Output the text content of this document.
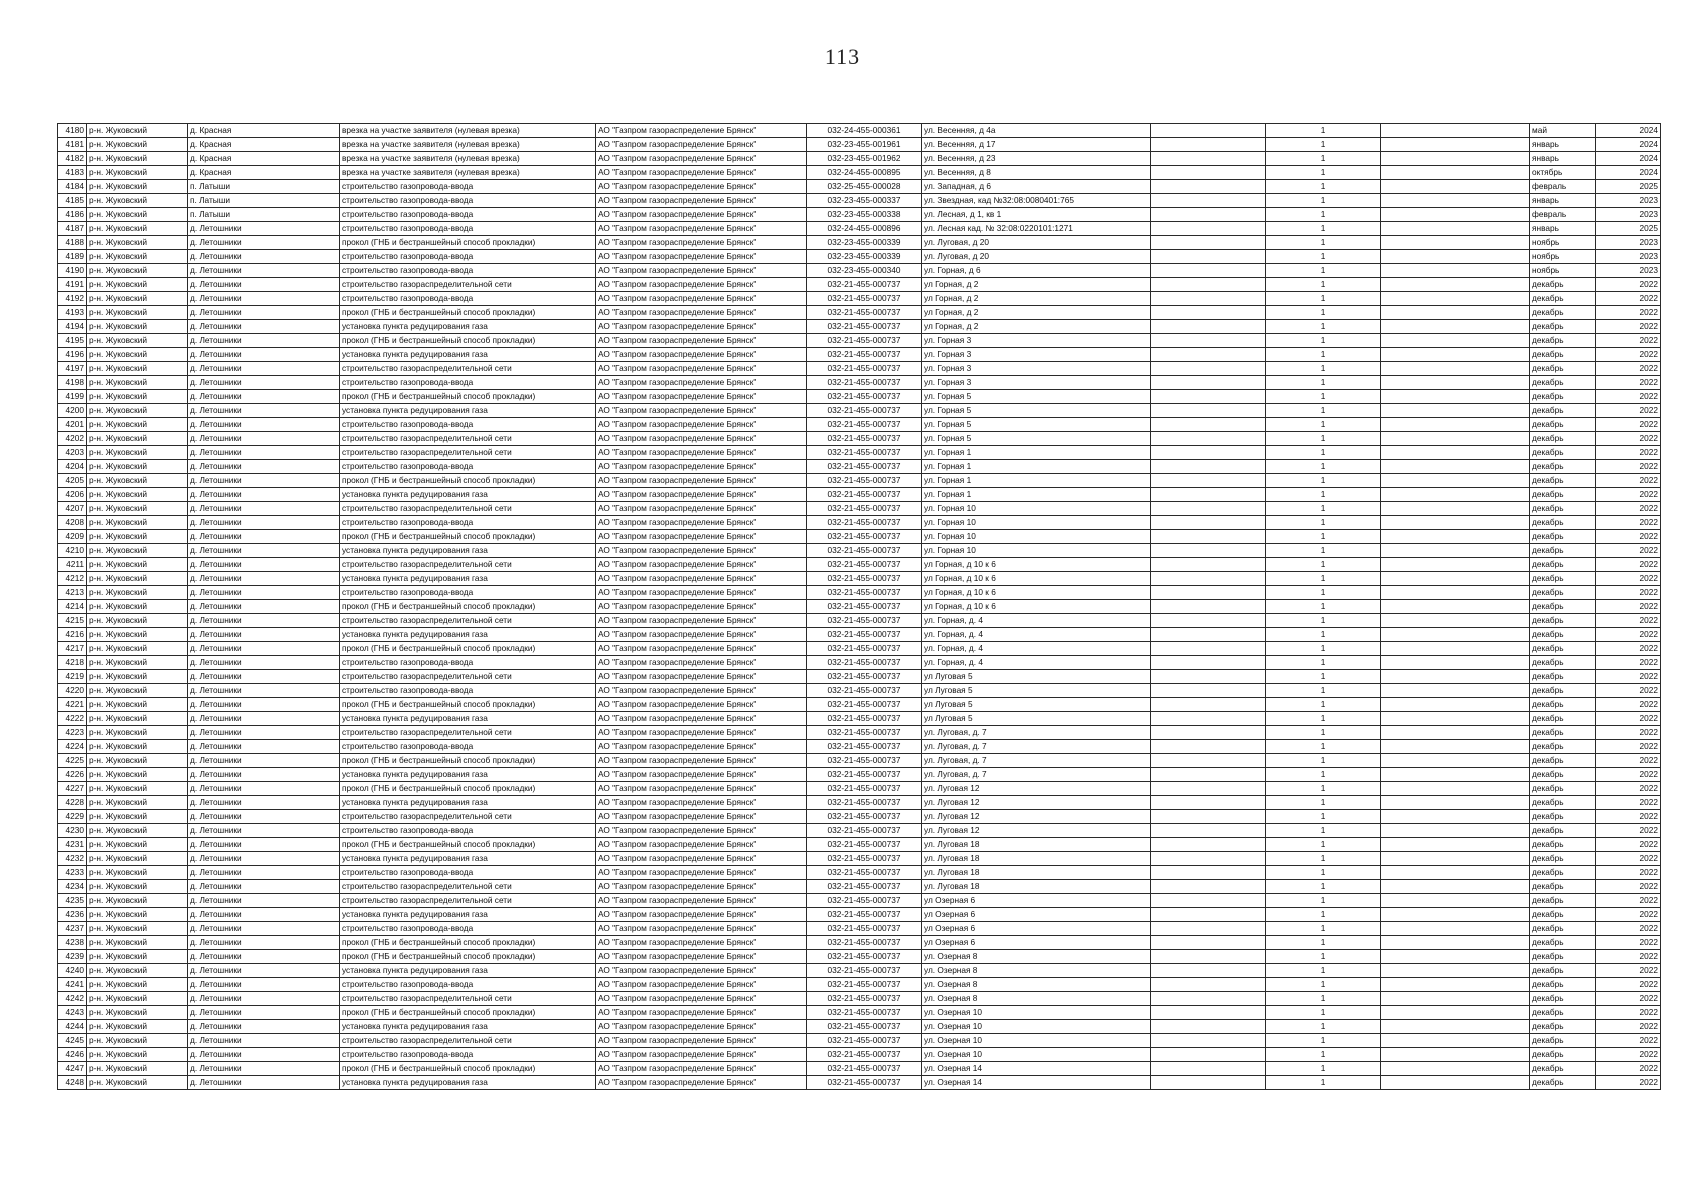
113
4180	р-н. Жуковский	д. Красная	врезка на участке заявителя (нулевая врезка)	АО "Газпром газораспределение Брянск"	032-24-455-000361	ул. Весенняя, д 4а		1		май	2024
4181	р-н. Жуковский	д. Красная	врезка на участке заявителя (нулевая врезка)	АО "Газпром газораспределение Брянск"	032-23-455-001961	ул. Весенняя, д 17		1		январь	2024
4182	р-н. Жуковский	д. Красная	врезка на участке заявителя (нулевая врезка)	АО "Газпром газораспределение Брянск"	032-23-455-001962	ул. Весенняя, д 23		1		январь	2024
4183	р-н. Жуковский	д. Красная	врезка на участке заявителя (нулевая врезка)	АО "Газпром газораспределение Брянск"	032-24-455-000895	ул. Весенняя, д 8		1		октябрь	2024
4184	р-н. Жуковский	п. Латыши	строительство газопровода-ввода	АО "Газпром газораспределение Брянск"	032-25-455-000028	ул. Западная, д 6		1		февраль	2025
4185	р-н. Жуковский	п. Латыши	строительство газопровода-ввода	АО "Газпром газораспределение Брянск"	032-23-455-000337	ул. Звездная, кад №32:08:0080401:765		1		январь	2023
4186	р-н. Жуковский	п. Латыши	строительство газопровода-ввода	АО "Газпром газораспределение Брянск"	032-23-455-000338	ул. Лесная, д 1, кв 1		1		февраль	2023
4187	р-н. Жуковский	д. Летошники	строительство газопровода-ввода	АО "Газпром газораспределение Брянск"	032-24-455-000896	ул. Лесная кад. № 32:08:0220101:1271		1		январь	2025
4188	р-н. Жуковский	д. Летошники	прокол (ГНБ и бестраншейный способ прокладки)	АО "Газпром газораспределение Брянск"	032-23-455-000339	ул. Луговая, д 20		1		ноябрь	2023
4189	р-н. Жуковский	д. Летошники	строительство газопровода-ввода	АО "Газпром газораспределение Брянск"	032-23-455-000339	ул. Луговая, д 20		1		ноябрь	2023
4190	р-н. Жуковский	д. Летошники	строительство газопровода-ввода	АО "Газпром газораспределение Брянск"	032-23-455-000340	ул. Горная, д 6		1		ноябрь	2023
4191	р-н. Жуковский	д. Летошники	строительство газораспределительной сети	АО "Газпром газораспределение Брянск"	032-21-455-000737	ул Горная, д 2		1		декабрь	2022
4192	р-н. Жуковский	д. Летошники	строительство газопровода-ввода	АО "Газпром газораспределение Брянск"	032-21-455-000737	ул Горная, д 2		1		декабрь	2022
4193	р-н. Жуковский	д. Летошники	прокол (ГНБ и бестраншейный способ прокладки)	АО "Газпром газораспределение Брянск"	032-21-455-000737	ул Горная, д 2		1		декабрь	2022
4194	р-н. Жуковский	д. Летошники	установка пункта редуцирования газа	АО "Газпром газораспределение Брянск"	032-21-455-000737	ул Горная, д 2		1		декабрь	2022
4195	р-н. Жуковский	д. Летошники	прокол (ГНБ и бестраншейный способ прокладки)	АО "Газпром газораспределение Брянск"	032-21-455-000737	ул. Горная 3		1		декабрь	2022
4196	р-н. Жуковский	д. Летошники	установка пункта редуцирования газа	АО "Газпром газораспределение Брянск"	032-21-455-000737	ул. Горная 3		1		декабрь	2022
4197	р-н. Жуковский	д. Летошники	строительство газораспределительной сети	АО "Газпром газораспределение Брянск"	032-21-455-000737	ул. Горная 3		1		декабрь	2022
4198	р-н. Жуковский	д. Летошники	строительство газопровода-ввода	АО "Газпром газораспределение Брянск"	032-21-455-000737	ул. Горная 3		1		декабрь	2022
4199	р-н. Жуковский	д. Летошники	прокол (ГНБ и бестраншейный способ прокладки)	АО "Газпром газораспределение Брянск"	032-21-455-000737	ул. Горная 5		1		декабрь	2022
4200	р-н. Жуковский	д. Летошники	установка пункта редуцирования газа	АО "Газпром газораспределение Брянск"	032-21-455-000737	ул. Горная 5		1		декабрь	2022
4201	р-н. Жуковский	д. Летошники	строительство газопровода-ввода	АО "Газпром газораспределение Брянск"	032-21-455-000737	ул. Горная 5		1		декабрь	2022
4202	р-н. Жуковский	д. Летошники	строительство газораспределительной сети	АО "Газпром газораспределение Брянск"	032-21-455-000737	ул. Горная 5		1		декабрь	2022
4203	р-н. Жуковский	д. Летошники	строительство газораспределительной сети	АО "Газпром газораспределение Брянск"	032-21-455-000737	ул. Горная 1		1		декабрь	2022
4204	р-н. Жуковский	д. Летошники	строительство газопровода-ввода	АО "Газпром газораспределение Брянск"	032-21-455-000737	ул. Горная 1		1		декабрь	2022
4205	р-н. Жуковский	д. Летошники	прокол (ГНБ и бестраншейный способ прокладки)	АО "Газпром газораспределение Брянск"	032-21-455-000737	ул. Горная 1		1		декабрь	2022
4206	р-н. Жуковский	д. Летошники	установка пункта редуцирования газа	АО "Газпром газораспределение Брянск"	032-21-455-000737	ул. Горная 1		1		декабрь	2022
4207	р-н. Жуковский	д. Летошники	строительство газораспределительной сети	АО "Газпром газораспределение Брянск"	032-21-455-000737	ул. Горная 10		1		декабрь	2022
4208	р-н. Жуковский	д. Летошники	строительство газопровода-ввода	АО "Газпром газораспределение Брянск"	032-21-455-000737	ул. Горная 10		1		декабрь	2022
4209	р-н. Жуковский	д. Летошники	прокол (ГНБ и бестраншейный способ прокладки)	АО "Газпром газораспределение Брянск"	032-21-455-000737	ул. Горная 10		1		декабрь	2022
4210	р-н. Жуковский	д. Летошники	установка пункта редуцирования газа	АО "Газпром газораспределение Брянск"	032-21-455-000737	ул. Горная 10		1		декабрь	2022
4211	р-н. Жуковский	д. Летошники	строительство газораспределительной сети	АО "Газпром газораспределение Брянск"	032-21-455-000737	ул Горная, д 10 к 6		1		декабрь	2022
4212	р-н. Жуковский	д. Летошники	установка пункта редуцирования газа	АО "Газпром газораспределение Брянск"	032-21-455-000737	ул Горная, д 10 к 6		1		декабрь	2022
4213	р-н. Жуковский	д. Летошники	строительство газопровода-ввода	АО "Газпром газораспределение Брянск"	032-21-455-000737	ул Горная, д 10 к 6		1		декабрь	2022
4214	р-н. Жуковский	д. Летошники	прокол (ГНБ и бестраншейный способ прокладки)	АО "Газпром газораспределение Брянск"	032-21-455-000737	ул Горная, д 10 к 6		1		декабрь	2022
4215	р-н. Жуковский	д. Летошники	строительство газораспределительной сети	АО "Газпром газораспределение Брянск"	032-21-455-000737	ул. Горная, д. 4		1		декабрь	2022
4216	р-н. Жуковский	д. Летошники	установка пункта редуцирования газа	АО "Газпром газораспределение Брянск"	032-21-455-000737	ул. Горная, д. 4		1		декабрь	2022
4217	р-н. Жуковский	д. Летошники	прокол (ГНБ и бестраншейный способ прокладки)	АО "Газпром газораспределение Брянск"	032-21-455-000737	ул. Горная, д. 4		1		декабрь	2022
4218	р-н. Жуковский	д. Летошники	строительство газопровода-ввода	АО "Газпром газораспределение Брянск"	032-21-455-000737	ул. Горная, д. 4		1		декабрь	2022
4219	р-н. Жуковский	д. Летошники	строительство газораспределительной сети	АО "Газпром газораспределение Брянск"	032-21-455-000737	ул Луговая 5		1		декабрь	2022
4220	р-н. Жуковский	д. Летошники	строительство газопровода-ввода	АО "Газпром газораспределение Брянск"	032-21-455-000737	ул Луговая 5		1		декабрь	2022
4221	р-н. Жуковский	д. Летошники	прокол (ГНБ и бестраншейный способ прокладки)	АО "Газпром газораспределение Брянск"	032-21-455-000737	ул Луговая 5		1		декабрь	2022
4222	р-н. Жуковский	д. Летошники	установка пункта редуцирования газа	АО "Газпром газораспределение Брянск"	032-21-455-000737	ул Луговая 5		1		декабрь	2022
4223	р-н. Жуковский	д. Летошники	строительство газораспределительной сети	АО "Газпром газораспределение Брянск"	032-21-455-000737	ул. Луговая, д. 7		1		декабрь	2022
4224	р-н. Жуковский	д. Летошники	строительство газопровода-ввода	АО "Газпром газораспределение Брянск"	032-21-455-000737	ул. Луговая, д. 7		1		декабрь	2022
4225	р-н. Жуковский	д. Летошники	прокол (ГНБ и бестраншейный способ прокладки)	АО "Газпром газораспределение Брянск"	032-21-455-000737	ул. Луговая, д. 7		1		декабрь	2022
4226	р-н. Жуковский	д. Летошники	установка пункта редуцирования газа	АО "Газпром газораспределение Брянск"	032-21-455-000737	ул. Луговая, д. 7		1		декабрь	2022
4227	р-н. Жуковский	д. Летошники	прокол (ГНБ и бестраншейный способ прокладки)	АО "Газпром газораспределение Брянск"	032-21-455-000737	ул. Луговая 12		1		декабрь	2022
4228	р-н. Жуковский	д. Летошники	установка пункта редуцирования газа	АО "Газпром газораспределение Брянск"	032-21-455-000737	ул. Луговая 12		1		декабрь	2022
4229	р-н. Жуковский	д. Летошники	строительство газораспределительной сети	АО "Газпром газораспределение Брянск"	032-21-455-000737	ул. Луговая 12		1		декабрь	2022
4230	р-н. Жуковский	д. Летошники	строительство газопровода-ввода	АО "Газпром газораспределение Брянск"	032-21-455-000737	ул. Луговая 12		1		декабрь	2022
4231	р-н. Жуковский	д. Летошники	прокол (ГНБ и бестраншейный способ прокладки)	АО "Газпром газораспределение Брянск"	032-21-455-000737	ул. Луговая 18		1		декабрь	2022
4232	р-н. Жуковский	д. Летошники	установка пункта редуцирования газа	АО "Газпром газораспределение Брянск"	032-21-455-000737	ул. Луговая 18		1		декабрь	2022
4233	р-н. Жуковский	д. Летошники	строительство газопровода-ввода	АО "Газпром газораспределение Брянск"	032-21-455-000737	ул. Луговая 18		1		декабрь	2022
4234	р-н. Жуковский	д. Летошники	строительство газораспределительной сети	АО "Газпром газораспределение Брянск"	032-21-455-000737	ул. Луговая 18		1		декабрь	2022
4235	р-н. Жуковский	д. Летошники	строительство газораспределительной сети	АО "Газпром газораспределение Брянск"	032-21-455-000737	ул Озерная 6		1		декабрь	2022
4236	р-н. Жуковский	д. Летошники	установка пункта редуцирования газа	АО "Газпром газораспределение Брянск"	032-21-455-000737	ул Озерная 6		1		декабрь	2022
4237	р-н. Жуковский	д. Летошники	строительство газопровода-ввода	АО "Газпром газораспределение Брянск"	032-21-455-000737	ул Озерная 6		1		декабрь	2022
4238	р-н. Жуковский	д. Летошники	прокол (ГНБ и бестраншейный способ прокладки)	АО "Газпром газораспределение Брянск"	032-21-455-000737	ул Озерная 6		1		декабрь	2022
4239	р-н. Жуковский	д. Летошники	прокол (ГНБ и бестраншейный способ прокладки)	АО "Газпром газораспределение Брянск"	032-21-455-000737	ул. Озерная 8		1		декабрь	2022
4240	р-н. Жуковский	д. Летошники	установка пункта редуцирования газа	АО "Газпром газораспределение Брянск"	032-21-455-000737	ул. Озерная 8		1		декабрь	2022
4241	р-н. Жуковский	д. Летошники	строительство газопровода-ввода	АО "Газпром газораспределение Брянск"	032-21-455-000737	ул. Озерная 8		1		декабрь	2022
4242	р-н. Жуковский	д. Летошники	строительство газораспределительной сети	АО "Газпром газораспределение Брянск"	032-21-455-000737	ул. Озерная 8		1		декабрь	2022
4243	р-н. Жуковский	д. Летошники	прокол (ГНБ и бестраншейный способ прокладки)	АО "Газпром газораспределение Брянск"	032-21-455-000737	ул. Озерная 10		1		декабрь	2022
4244	р-н. Жуковский	д. Летошники	установка пункта редуцирования газа	АО "Газпром газораспределение Брянск"	032-21-455-000737	ул. Озерная 10		1		декабрь	2022
4245	р-н. Жуковский	д. Летошники	строительство газораспределительной сети	АО "Газпром газораспределение Брянск"	032-21-455-000737	ул. Озерная 10		1		декабрь	2022
4246	р-н. Жуковский	д. Летошники	строительство газопровода-ввода	АО "Газпром газораспределение Брянск"	032-21-455-000737	ул. Озерная 10		1		декабрь	2022
4247	р-н. Жуковский	д. Летошники	прокол (ГНБ и бестраншейный способ прокладки)	АО "Газпром газораспределение Брянск"	032-21-455-000737	ул. Озерная 14		1		декабрь	2022
4248	р-н. Жуковский	д. Летошники	установка пункта редуцирования газа	АО "Газпром газораспределение Брянск"	032-21-455-000737	ул. Озерная 14		1		декабрь	2022
